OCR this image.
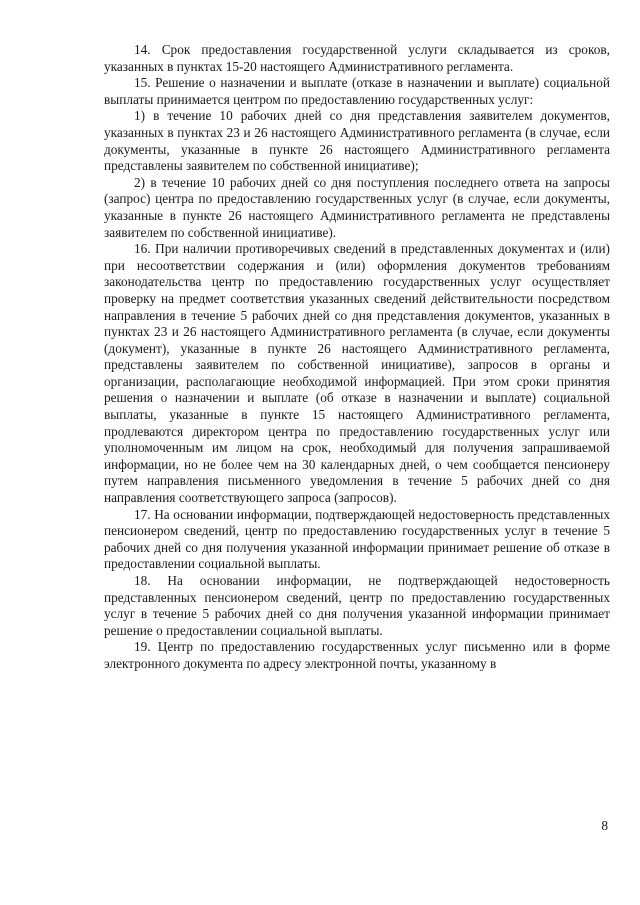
14. Срок предоставления государственной услуги складывается из сроков, указанных в пунктах 15-20 настоящего Административного регламента.

15. Решение о назначении и выплате (отказе в назначении и выплате) социальной выплаты принимается центром по предоставлению государственных услуг:

1) в течение 10 рабочих дней со дня представления заявителем документов, указанных в пунктах 23 и 26 настоящего Административного регламента (в случае, если документы, указанные в пункте 26 настоящего Административного регламента представлены заявителем по собственной инициативе);

2) в течение 10 рабочих дней со дня поступления последнего ответа на запросы (запрос) центра по предоставлению государственных услуг (в случае, если документы, указанные в пункте 26 настоящего Административного регламента не представлены заявителем по собственной инициативе).

16. При наличии противоречивых сведений в представленных документах и (или) при несоответствии содержания и (или) оформления документов требованиям законодательства центр по предоставлению государственных услуг осуществляет проверку на предмет соответствия указанных сведений действительности посредством направления в течение 5 рабочих дней со дня представления документов, указанных в пунктах 23 и 26 настоящего Административного регламента (в случае, если документы (документ), указанные в пункте 26 настоящего Административного регламента, представлены заявителем по собственной инициативе), запросов в органы и организации, располагающие необходимой информацией. При этом сроки принятия решения о назначении и выплате (об отказе в назначении и выплате) социальной выплаты, указанные в пункте 15 настоящего Административного регламента, продлеваются директором центра по предоставлению государственных услуг или уполномоченным им лицом на срок, необходимый для получения запрашиваемой информации, но не более чем на 30 календарных дней, о чем сообщается пенсионеру путем направления письменного уведомления в течение 5 рабочих дней со дня направления соответствующего запроса (запросов).

17. На основании информации, подтверждающей недостоверность представленных пенсионером сведений, центр по предоставлению государственных услуг в течение 5 рабочих дней со дня получения указанной информации принимает решение об отказе в предоставлении социальной выплаты.

18. На основании информации, не подтверждающей недостоверность представленных пенсионером сведений, центр по предоставлению государственных услуг в течение 5 рабочих дней со дня получения указанной информации принимает решение о предоставлении социальной выплаты.

19. Центр по предоставлению государственных услуг письменно или в форме электронного документа по адресу электронной почты, указанному в

8
